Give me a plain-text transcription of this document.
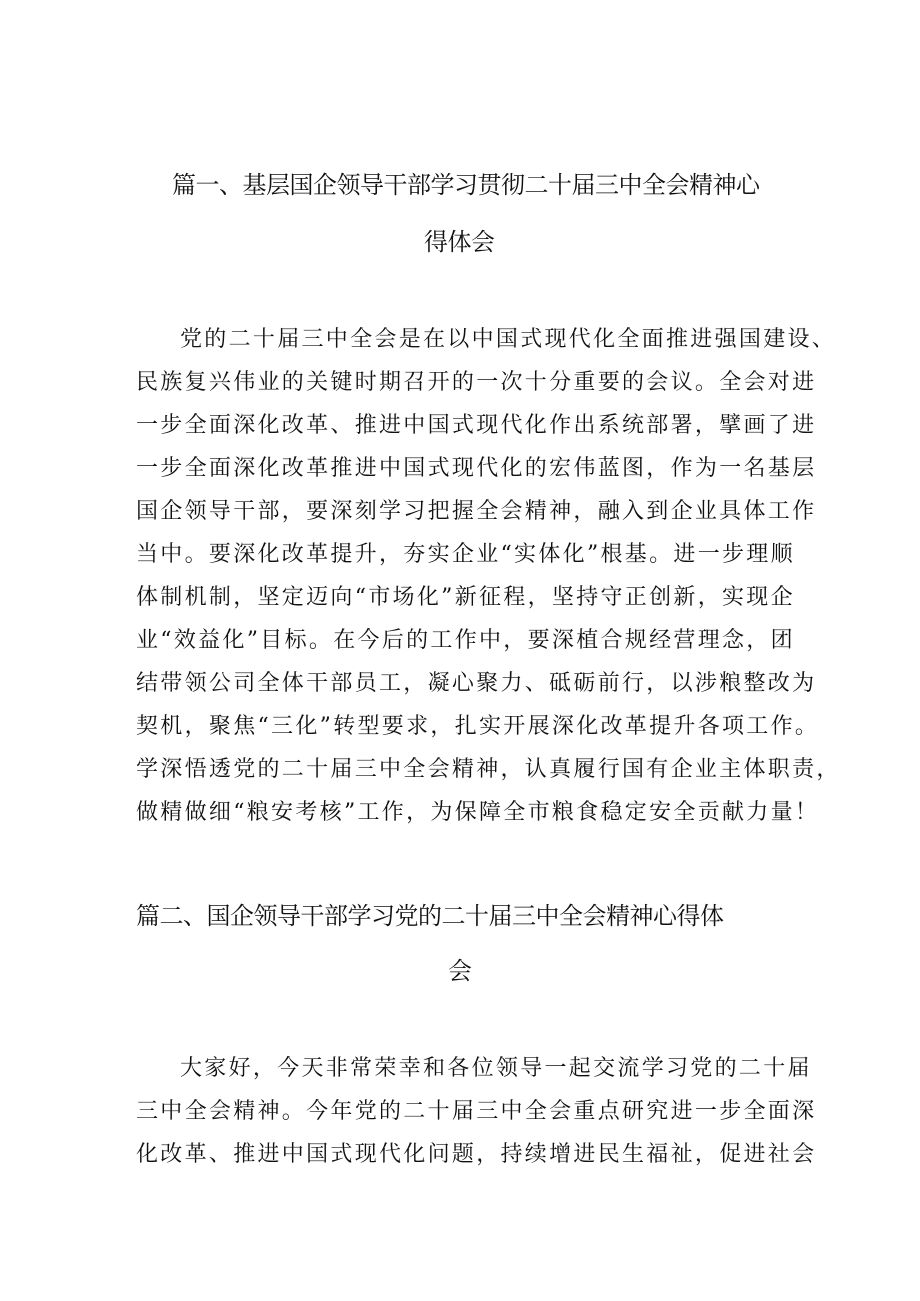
篇一、基层国企领导干部学习贯彻二十届三中全会精神心
得体会
党的二十届三中全会是在以中国式现代化全面推进强国建设、
民族复兴伟业的关键时期召开的一次十分重要的会议。全会对进
一步全面深化改革、推进中国式现代化作出系统部署，擘画了进
一步全面深化改革推进中国式现代化的宏伟蓝图，作为一名基层
国企领导干部，要深刻学习把握全会精神，融入到企业具体工作
当中。要深化改革提升，夯实企业“实体化”根基。进一步理顺
体制机制，坚定迈向“市场化”新征程，坚持守正创新，实现企
业“效益化”目标。在今后的工作中，要深植合规经营理念，团
结带领公司全体干部员工，凝心聚力、砥砺前行，以涉粮整改为
契机，聚焦“三化”转型要求，扎实开展深化改革提升各项工作。
学深悟透党的二十届三中全会精神，认真履行国有企业主体职责，
做精做细“粮安考核”工作，为保障全市粮食稳定安全贡献力量！
篇二、国企领导干部学习党的二十届三中全会精神心得体
会
大家好，今天非常荣幸和各位领导一起交流学习党的二十届
三中全会精神。今年党的二十届三中全会重点研究进一步全面深
化改革、推进中国式现代化问题，持续增进民生福祉，促进社会
